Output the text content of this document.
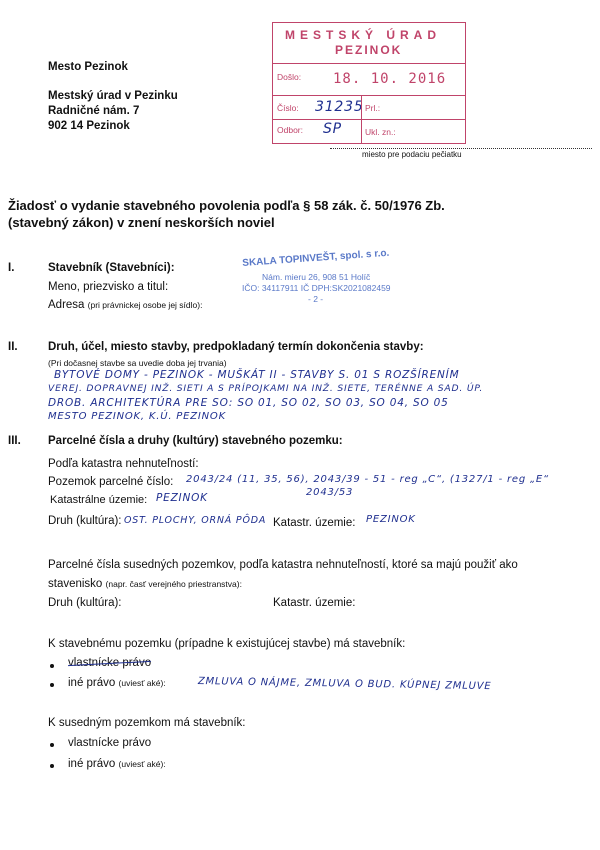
Mesto Pezinok
Mestský úrad v Pezinku
Radničné nám. 7
902 14 Pezinok
MESTSKÝ ÚRAD
PEZINOK
Došlo: 18. 10. 2016
Číslo: 31235 Prl.:
Odbor: SP	Ukl. zn.:
miesto pre podaciu pečiatku
Žiadosť o vydanie stavebného povolenia podľa § 58 zák. č. 50/1976 Zb.
(stavebný zákon) v znení neskorších noviel
I.	Stavebník (Stavebníci):
Meno, priezvisko a titul:
Adresa (pri právnickej osobe jej sídlo):
SKALA TOPINVEŠT, spol. s r.o.
Nám. mieru 26, 908 51 Holíč
IČO: 34117911 IČ DPH:SK2021082459
- 2 -
II.	Druh, účel, miesto stavby, predpokladaný termín dokončenia stavby:
(Pri dočasnej stavbe sa uvedie doba jej trvania)
BYTOVÉ DOMY - PEZINOK - MUŠKÁT II - STAVBY S. 01 S ROZŠÍRENÍM
VEREJ. DOPRAVNEJ INŽ. SIETI A S PRÍPOJKAMI NA INŽ. SIETE, TERÉNNE A SAD. ÚP.
DROB. ARCHITEKTÚRA PRE SO: SO 01, SO 02, SO 03, SO 04, SO 05
MESTO PEZINOK, K.Ú. PEZINOK
III. Parcelné čísla a druhy (kultúry) stavebného pozemku:
Podľa katastra nehnuteľností:
Pozemok parcelné číslo: 2043/24 (11, 35, 56), 2043/39 - 51 - reg „C“, (1327/1 - reg „E“
2043/53
Katastrálne územie: PEZINOK
Druh (kultúra): OST. PLOCHY, ORNÁ PÔDA Katastr. územie: PEZINOK
Parcelné čísla susedných pozemkov, podľa katastra nehnuteľností, ktoré sa majú použiť ako
stavenisko (napr. časť verejného priestranstva):
Druh (kultúra):	Katastr. územie:
K stavebnému pozemku (prípadne k existujúcej stavbe) má stavebník:
vlastnícke právo
iné právo (uviesť aké):	ZMLUVA O NÁJME, ZMLUVA O BUD. KÚPNEJ ZMLUVE
K susedným pozemkom má stavebník:
vlastnícke právo
iné právo (uviesť aké):
